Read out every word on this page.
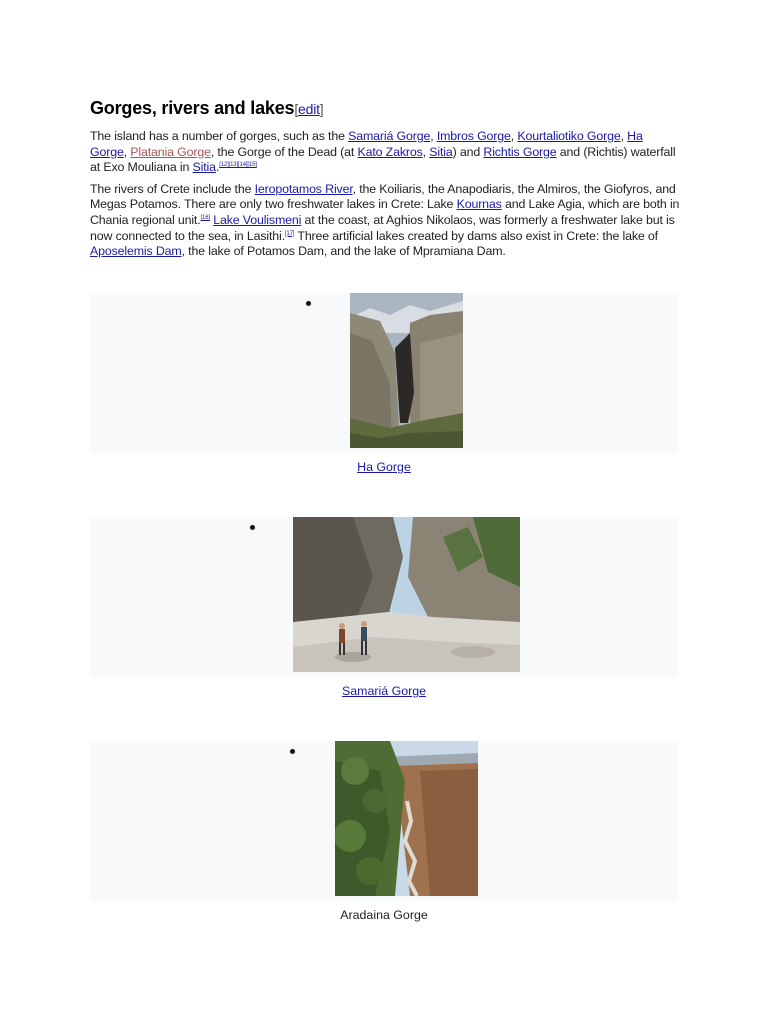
Gorges, rivers and lakes[edit]

The island has a number of gorges, such as the Samariá Gorge, Imbros Gorge, Kourtaliotiko Gorge, Ha Gorge, Platania Gorge, the Gorge of the Dead (at Kato Zakros, Sitia) and Richtis Gorge and (Richtis) waterfall at Exo Mouliana in Sitia.[12][13][14][15]

The rivers of Crete include the Ieropotamos River, the Koiliaris, the Anapodiaris, the Almiros, the Giofyros, and Megas Potamos. There are only two freshwater lakes in Crete: Lake Kournas and Lake Agia, which are both in Chania regional unit.[16] Lake Voulismeni at the coast, at Aghios Nikolaos, was formerly a freshwater lake but is now connected to the sea, in Lasithi.[17] Three artificial lakes created by dams also exist in Crete: the lake of Aposelemis Dam, the lake of Potamos Dam, and the lake of Mpramiana Dam.

Ha Gorge
Samariá Gorge
Aradaina Gorge
